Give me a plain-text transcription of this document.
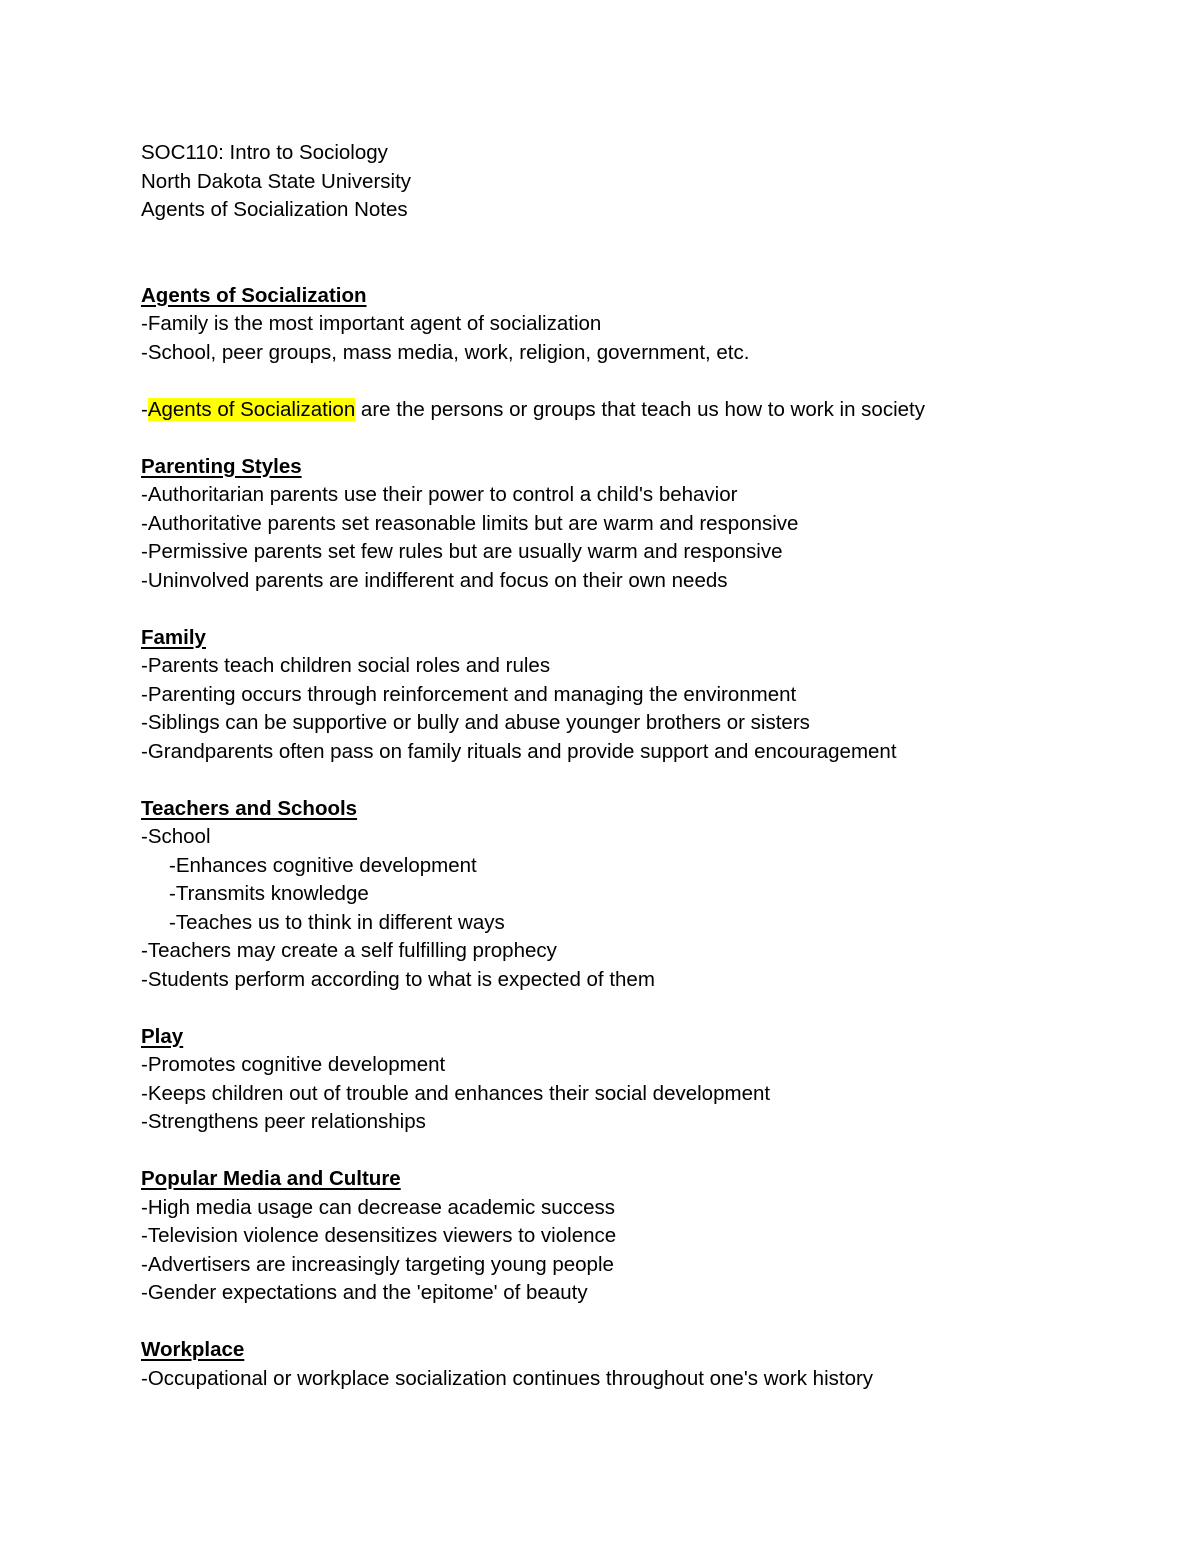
SOC110: Intro to Sociology
North Dakota State University
Agents of Socialization Notes
Agents of Socialization
-Family is the most important agent of socialization
-School, peer groups, mass media, work, religion, government, etc.
-Agents of Socialization are the persons or groups that teach us how to work in society
Parenting Styles
-Authoritarian parents use their power to control a child's behavior
-Authoritative parents set reasonable limits but are warm and responsive
-Permissive parents set few rules but are usually warm and responsive
-Uninvolved parents are indifferent and focus on their own needs
Family
-Parents teach children social roles and rules
-Parenting occurs through reinforcement and managing the environment
-Siblings can be supportive or bully and abuse younger brothers or sisters
-Grandparents often pass on family rituals and provide support and encouragement
Teachers and Schools
-School
-Enhances cognitive development
-Transmits knowledge
-Teaches us to think in different ways
-Teachers may create a self fulfilling prophecy
-Students perform according to what is expected of them
Play
-Promotes cognitive development
-Keeps children out of trouble and enhances their social development
-Strengthens peer relationships
Popular Media and Culture
-High media usage can decrease academic success
-Television violence desensitizes viewers to violence
-Advertisers are increasingly targeting young people
-Gender expectations and the 'epitome' of beauty
Workplace
-Occupational or workplace socialization continues throughout one's work history
